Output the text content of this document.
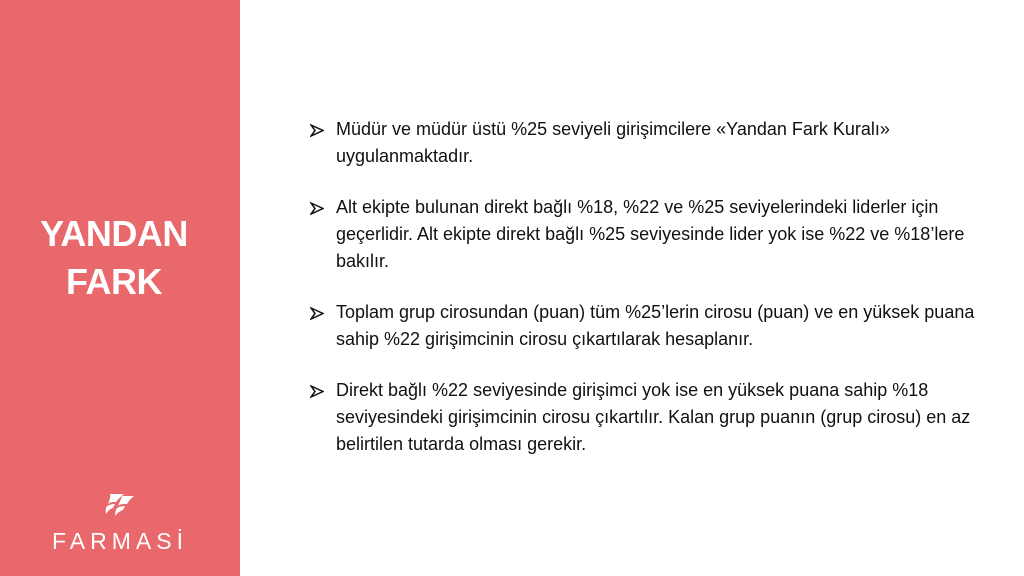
YANDAN
FARK
FARMASİ
Müdür ve müdür üstü %25 seviyeli girişimcilere «Yandan Fark Kuralı» uygulanmaktadır.
Alt ekipte bulunan direkt bağlı %18, %22 ve %25 seviyelerindeki liderler için geçerlidir. Alt ekipte direkt bağlı %25 seviyesinde lider yok ise %22 ve %18’lere bakılır.
Toplam grup cirosundan (puan) tüm %25’lerin cirosu (puan) ve en yüksek puana sahip %22 girişimcinin cirosu çıkartılarak hesaplanır.
Direkt bağlı %22 seviyesinde girişimci yok ise en yüksek puana sahip %18 seviyesindeki girişimcinin cirosu çıkartılır. Kalan grup puanın (grup cirosu) en az belirtilen tutarda olması gerekir.
